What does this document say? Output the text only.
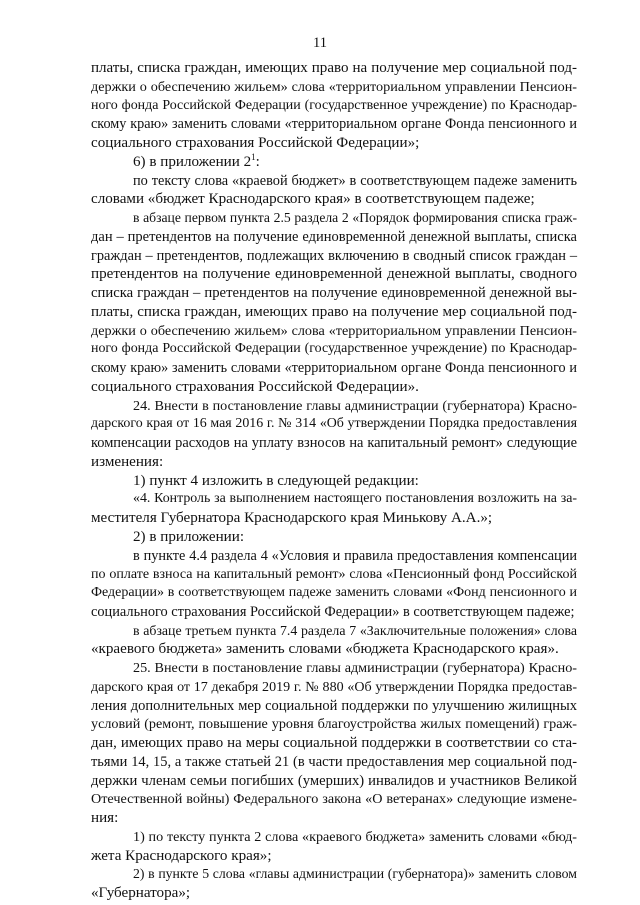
11
платы, списка граждан, имеющих право на получение мер социальной под-
держки о обеспечению жильем» слова «территориальном управлении Пенсион-
ного фонда Российской Федерации (государственное учреждение) по Краснодар-
скому краю» заменить словами «территориальном органе Фонда пенсионного и
социального страхования Российской Федерации»;
6) в приложении $2^1$:
по тексту слова «краевой бюджет» в соответствующем падеже заменить
словами «бюджет Краснодарского края» в соответствующем падеже;
в абзаце первом пункта 2.5 раздела 2 «Порядок формирования списка граж-
дан – претендентов на получение единовременной денежной выплаты, списка
граждан – претендентов, подлежащих включению в сводный список граждан –
претендентов на получение единовременной денежной выплаты, сводного
списка граждан – претендентов на получение единовременной денежной вы-
платы, списка граждан, имеющих право на получение мер социальной под-
держки о обеспечению жильем» слова «территориальном управлении Пенсион-
ного фонда Российской Федерации (государственное учреждение) по Краснодар-
скому краю» заменить словами «территориальном органе Фонда пенсионного и
социального страхования Российской Федерации».
24. Внести в постановление главы администрации (губернатора) Красно-
дарского края от 16 мая 2016 г. № 314 «Об утверждении Порядка предоставления
компенсации расходов на уплату взносов на капитальный ремонт» следующие
изменения:
1) пункт 4 изложить в следующей редакции:
«4. Контроль за выполнением настоящего постановления возложить на за-
местителя Губернатора Краснодарского края Минькову А.А.»;
2) в приложении:
в пункте 4.4 раздела 4 «Условия и правила предоставления компенсации
по оплате взноса на капитальный ремонт» слова «Пенсионный фонд Российской
Федерации» в соответствующем падеже заменить словами «Фонд пенсионного и
социального страхования Российской Федерации» в соответствующем падеже;
в абзаце третьем пункта 7.4 раздела 7 «Заключительные положения» слова
«краевого бюджета» заменить словами «бюджета Краснодарского края».
25. Внести в постановление главы администрации (губернатора) Красно-
дарского края от 17 декабря 2019 г. № 880 «Об утверждении Порядка предостав-
ления дополнительных мер социальной поддержки по улучшению жилищных
условий (ремонт, повышение уровня благоустройства жилых помещений) граж-
дан, имеющих право на меры социальной поддержки в соответствии со ста-
тьями 14, 15, а также статьей 21 (в части предоставления мер социальной под-
держки членам семьи погибших (умерших) инвалидов и участников Великой
Отечественной войны) Федерального закона «О ветеранах» следующие измене-
ния:
1) по тексту пункта 2 слова «краевого бюджета» заменить словами «бюд-
жета Краснодарского края»;
2) в пункте 5 слова «главы администрации (губернатора)» заменить словом
«Губернатора»;
